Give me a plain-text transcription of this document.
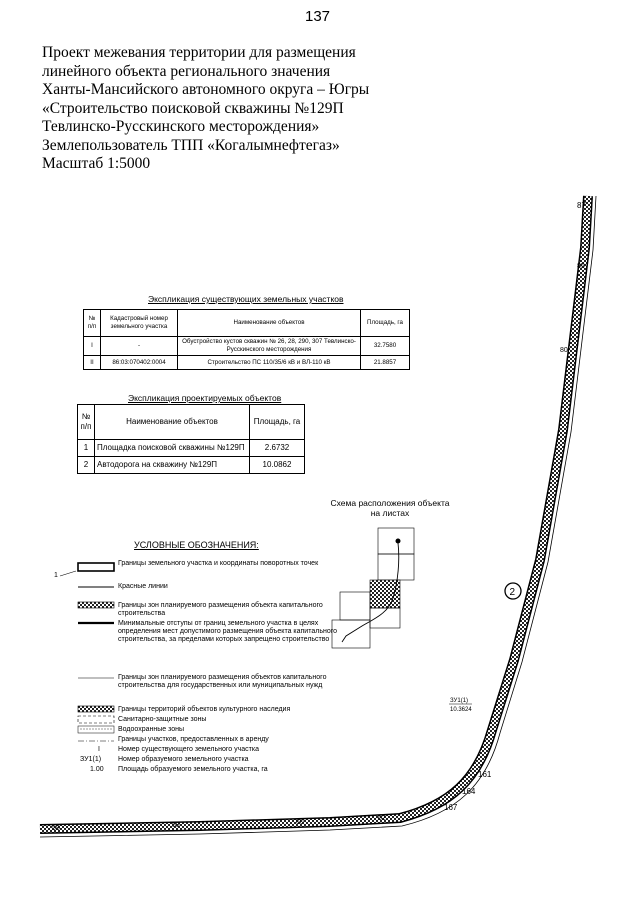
137
Проект межевания территории для размещения
линейного объекта регионального значения
Ханты-Мансийского автономного округа – Югры
«Строительство поисковой скважины №129П
Тевлинско-Русскинского месторождения»
Землепользователь ТПП «Когалымнефтегаз»
Масштаб 1:5000
2
ЗУ1(1)
10.3624
87
85
80
161
164
167
62
60
59
58
Экспликация существующих земельных участков
№ п/п	Кадастровый номер земельного участка	Наименование объектов	Площадь, га
I	-	Обустройство кустов скважин № 26, 28, 290, 307 Тевлинско-Русскинского месторождения	32.7580
II	86:03:070402:0004	Строительство ПС 110/35/6 кВ и ВЛ-110 кВ	21.8857
Экспликация проектируемых объектов
№ п/п	Наименование объектов	Площадь, га
1	Площадка поисковой скважины №129П	2.6732
2	Автодорога на скважину №129П	10.0862
Схема расположения объекта на листах
УСЛОВНЫЕ ОБОЗНАЧЕНИЯ:
1
Границы земельного участка и координаты поворотных точек
Красные линии
Границы зон планируемого размещения объекта капитального строительства
Минимальные отступы от границ земельного участка в целях определения мест допустимого размещения объекта капитального строительства, за пределами которых запрещено строительство
Границы зон планируемого размещения объектов капитального строительства для государственных или муниципальных нужд
Границы территорий объектов культурного наследия
Санитарно-защитные зоны
Водоохранные зоны
Границы участков, предоставленных в аренду
I	Номер существующего земельного участка
ЗУ1(1) Номер образуемого земельного участка
1.00 Площадь образуемого земельного участка, га
